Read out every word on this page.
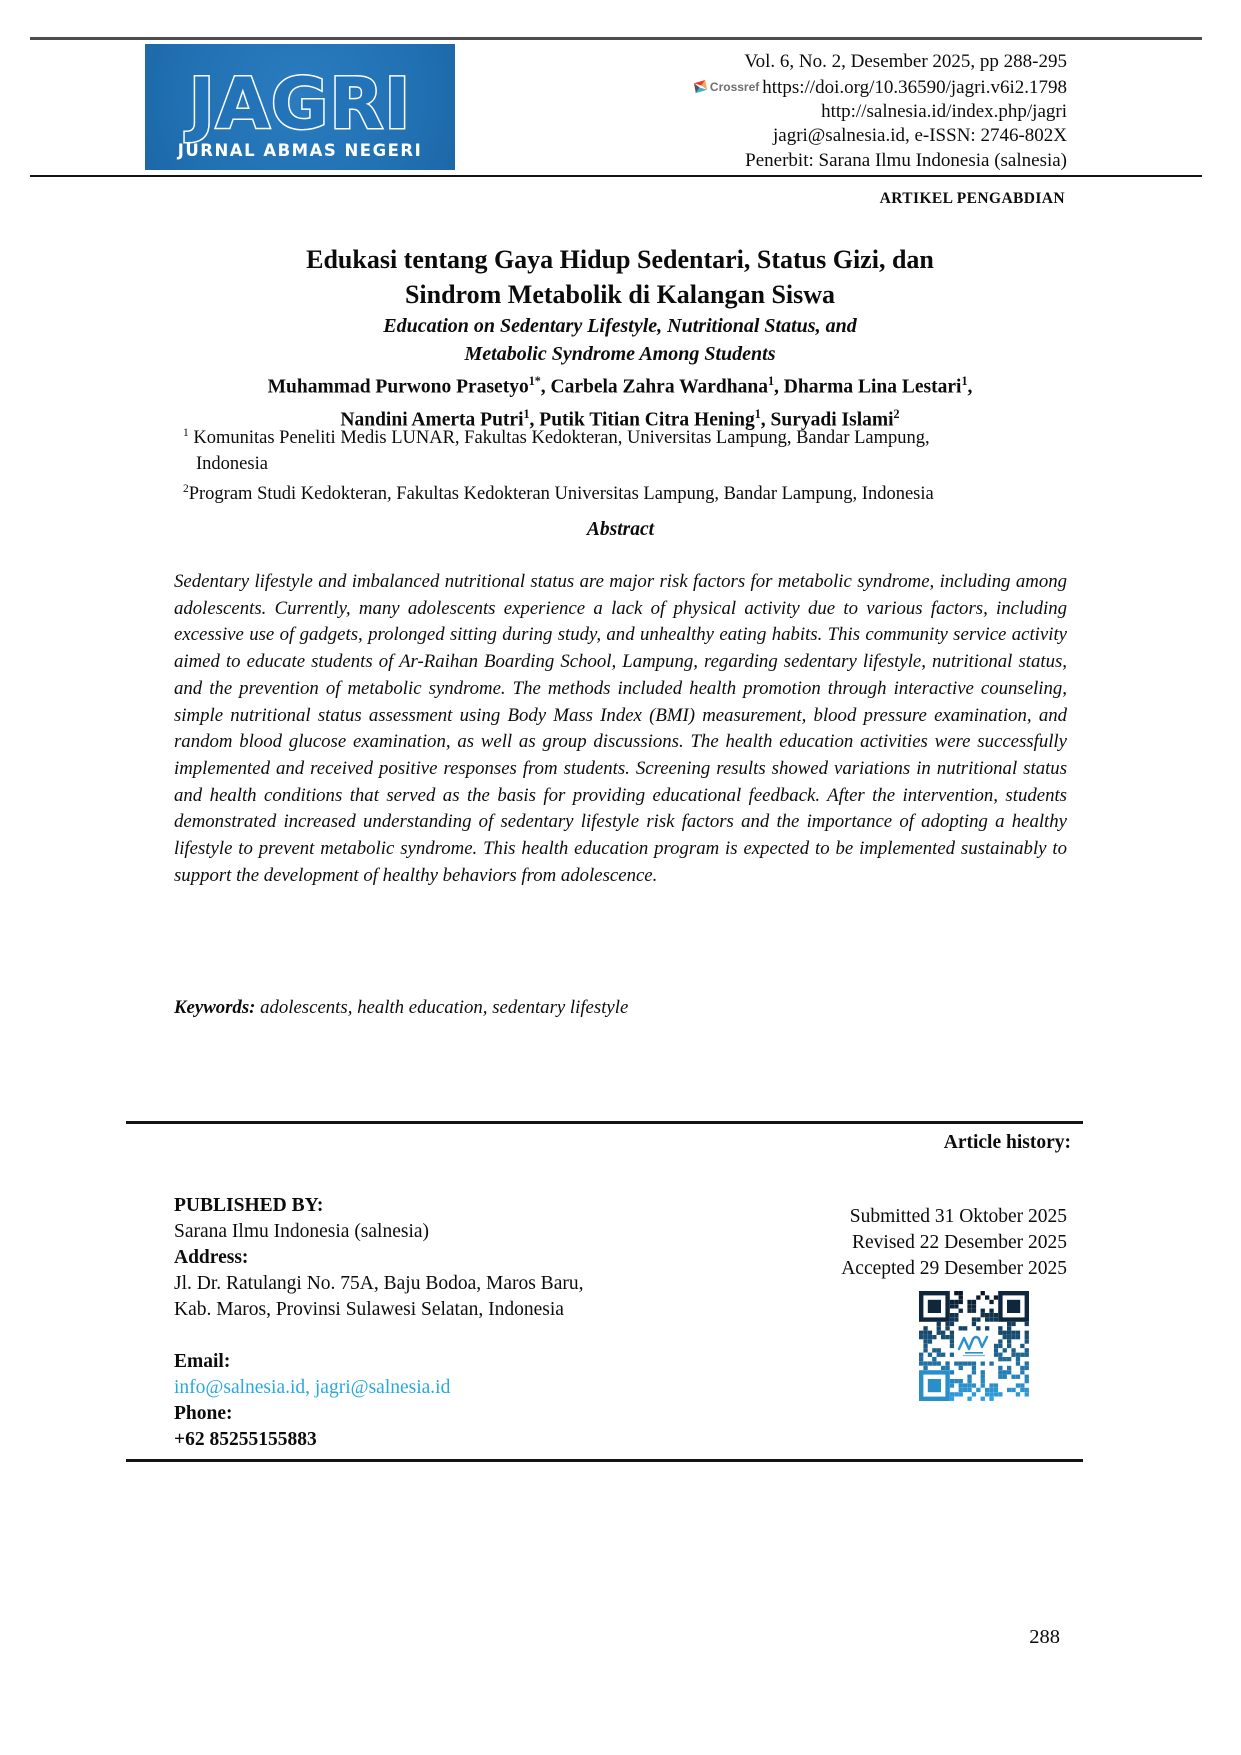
JAGRI
JURNAL ABMAS NEGERI
Vol. 6, No. 2, Desember 2025, pp 288-295
Crossref https://doi.org/10.36590/jagri.v6i2.1798
http://salnesia.id/index.php/jagri
jagri@salnesia.id, e-ISSN: 2746-802X
Penerbit: Sarana Ilmu Indonesia (salnesia)
ARTIKEL PENGABDIAN
Edukasi tentang Gaya Hidup Sedentari, Status Gizi, dan
Sindrom Metabolik di Kalangan Siswa
Education on Sedentary Lifestyle, Nutritional Status, and
Metabolic Syndrome Among Students
Muhammad Purwono Prasetyo$^{1*}$, Carbela Zahra Wardhana$^1$, Dharma Lina Lestari$^1$,
Nandini Amerta Putri$^1$, Putik Titian Citra Hening$^1$, Suryadi Islami$^2$
$^1$ Komunitas Peneliti Medis LUNAR, Fakultas Kedokteran, Universitas Lampung, Bandar Lampung,
Indonesia
$^2$Program Studi Kedokteran, Fakultas Kedokteran Universitas Lampung, Bandar Lampung, Indonesia
Abstract
Sedentary lifestyle and imbalanced nutritional status are major risk factors for metabolic syndrome, including among adolescents. Currently, many adolescents experience a lack of physical activity due to various factors, including excessive use of gadgets, prolonged sitting during study, and unhealthy eating habits. This community service activity aimed to educate students of Ar-Raihan Boarding School, Lampung, regarding sedentary lifestyle, nutritional status, and the prevention of metabolic syndrome. The methods included health promotion through interactive counseling, simple nutritional status assessment using Body Mass Index (BMI) measurement, blood pressure examination, and random blood glucose examination, as well as group discussions. The health education activities were successfully implemented and received positive responses from students. Screening results showed variations in nutritional status and health conditions that served as the basis for providing educational feedback. After the intervention, students demonstrated increased understanding of sedentary lifestyle risk factors and the importance of adopting a healthy lifestyle to prevent metabolic syndrome. This health education program is expected to be implemented sustainably to support the development of healthy behaviors from adolescence.
Keywords: adolescents, health education, sedentary lifestyle
Article history:
PUBLISHED BY:
Sarana Ilmu Indonesia (salnesia)
Address:
Jl. Dr. Ratulangi No. 75A, Baju Bodoa, Maros Baru,
Kab. Maros, Provinsi Sulawesi Selatan, Indonesia
Email:
info@salnesia.id, jagri@salnesia.id
Phone:
+62 85255155883
Submitted 31 Oktober 2025
Revised 22 Desember 2025
Accepted 29 Desember 2025
288
